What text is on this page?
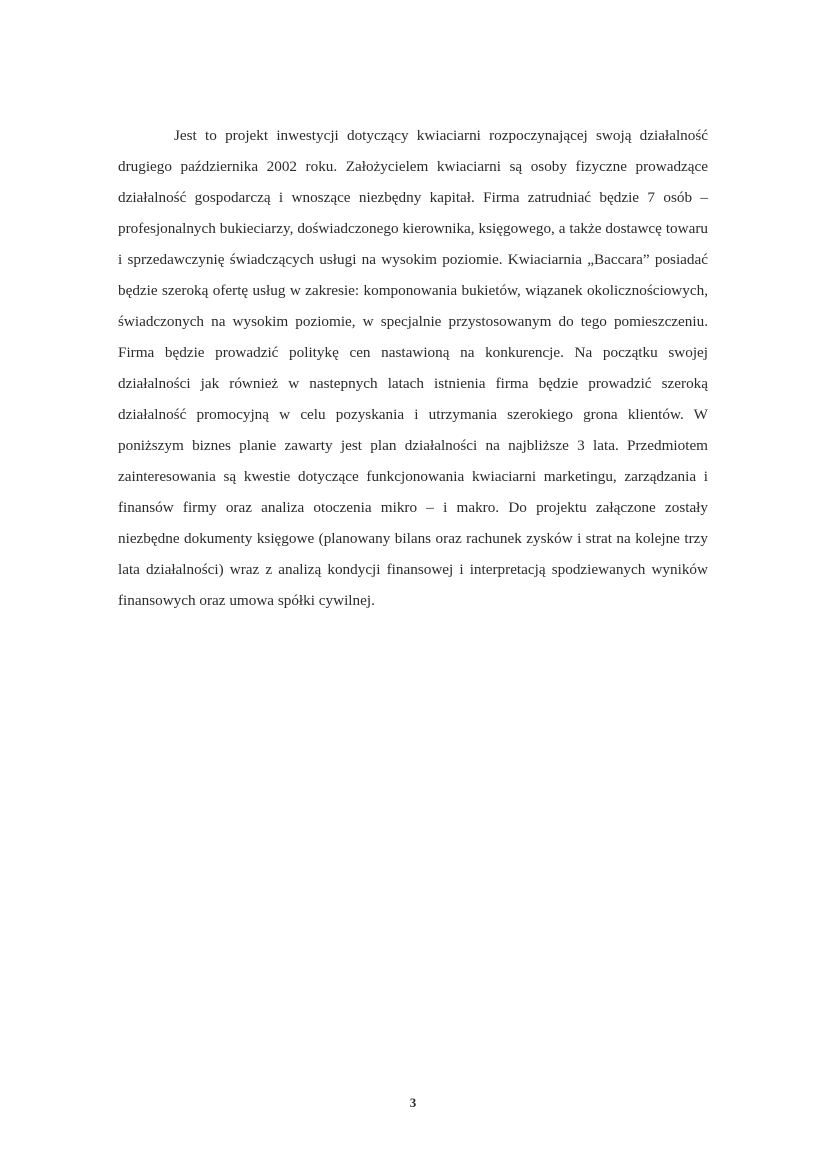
Jest to projekt inwestycji dotyczący kwiaciarni rozpoczynającej swoją działalność drugiego października 2002 roku. Założycielem kwiaciarni są osoby fizyczne prowadzące działalność gospodarczą i wnoszące niezbędny kapitał. Firma zatrudniać będzie 7 osób – profesjonalnych bukieciarzy, doświadczonego kierownika, księgowego, a także dostawcę towaru i sprzedawczynię świadczących usługi na wysokim poziomie. Kwiaciarnia „Baccara” posiadać będzie szeroką ofertę usług w zakresie: komponowania bukietów, wiązanek okolicznościowych, świadczonych na wysokim poziomie, w specjalnie przystosowanym do tego pomieszczeniu. Firma będzie prowadzić politykę cen nastawioną na konkurencje. Na początku swojej działalności jak również w nastepnych latach istnienia firma będzie prowadzić szeroką działalność promocyjną w celu pozyskania i utrzymania szerokiego grona klientów. W poniższym biznes planie zawarty jest plan działalności na najbliższe 3 lata. Przedmiotem zainteresowania są kwestie dotyczące funkcjonowania kwiaciarni marketingu, zarządzania i finansów firmy oraz analiza otoczenia mikro – i makro. Do projektu załączone zostały niezbędne dokumenty księgowe (planowany bilans oraz rachunek zysków i strat na kolejne trzy lata działalności) wraz z analizą kondycji finansowej i interpretacją spodziewanych wyników finansowych oraz umowa spółki cywilnej.

3
